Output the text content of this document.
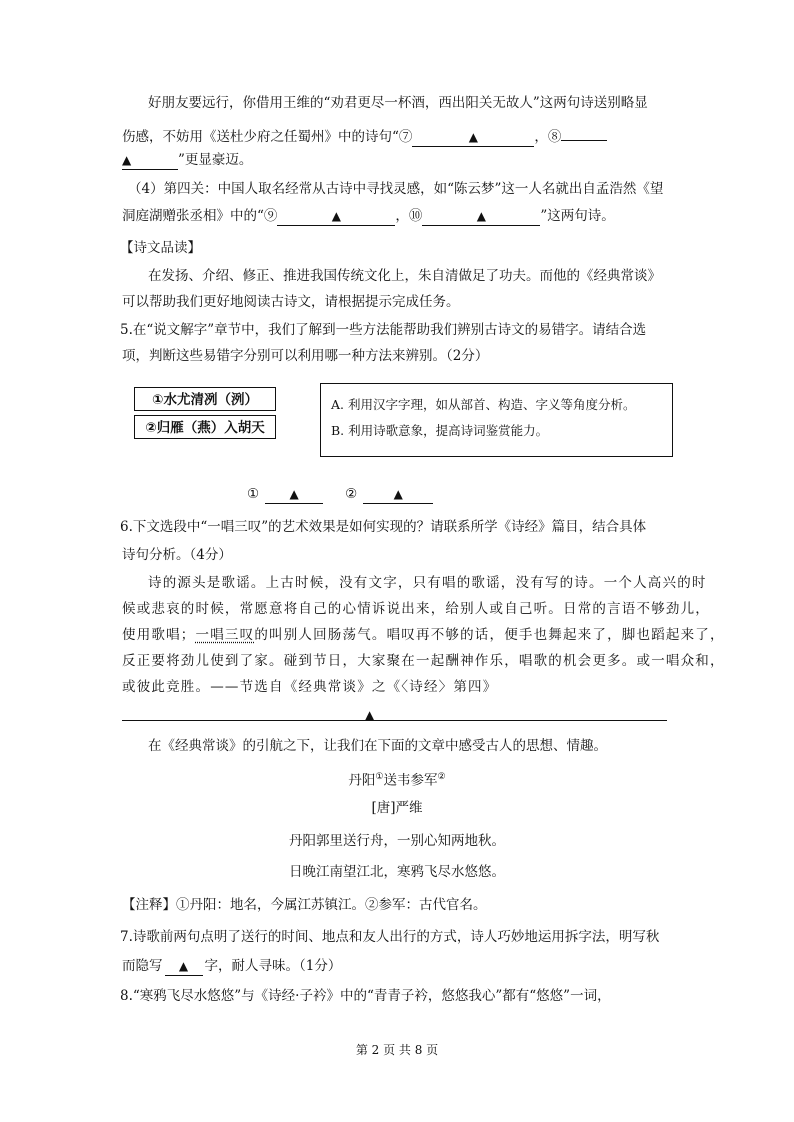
好朋友要远行，你借用王维的“劝君更尽一杯酒，西出阳关无故人”这两句诗送别略显
伤感，不妨用《送杜少府之任蜀州》中的诗句“⑦	▲	，⑧
▲	”更显豪迈。
（4）第四关：中国人取名经常从古诗中寻找灵感，如“陈云梦”这一人名就出自孟浩然《望
洞庭湖赠张丞相》中的“⑨	▲	，⑩	▲	”这两句诗。
【诗文品读】
在发扬、介绍、修正、推进我国传统文化上，朱自清做足了功夫。而他的《经典常谈》
可以帮助我们更好地阅读古诗文，请根据提示完成任务。
5.在“说文解字”章节中，我们了解到一些方法能帮助我们辨别古诗文的易错字。请结合选
项，判断这些易错字分别可以利用哪一种方法来辨别。（2分）
①水尤清冽（洌）
②归雁（燕）入胡天
A. 利用汉字字理，如从部首、构造、字义等角度分析。
B. 利用诗歌意象，提高诗词鉴赏能力。
①	▲	②	▲
6.下文选段中“一唱三叹”的艺术效果是如何实现的？请联系所学《诗经》篇目，结合具体
诗句分析。（4分）
诗的源头是歌谣。上古时候，没有文字，只有唱的歌谣，没有写的诗。一个人高兴的时
候或悲哀的时候，常愿意将自己的心情诉说出来，给别人或自己听。日常的言语不够劲儿，
使用歌唱；一唱三叹的叫别人回肠荡气。唱叹再不够的话，便手也舞起来了，脚也蹈起来了，
反正要将劲儿使到了家。碰到节日，大家聚在一起酬神作乐，唱歌的机会更多。或一唱众和，
或彼此竞胜。——节选自《经典常谈》之《〈诗经〉第四》
▲
在《经典常谈》的引航之下，让我们在下面的文章中感受古人的思想、情趣。
丹阳①送韦参军②
[唐]严维
丹阳郭里送行舟，一别心知两地秋。
日晚江南望江北，寒鸦飞尽水悠悠。
【注释】①丹阳：地名，今属江苏镇江。②参军：古代官名。
7.诗歌前两句点明了送行的时间、地点和友人出行的方式，诗人巧妙地运用拆字法，明写秋
而隐写 ▲ 字，耐人寻味。（1分）
8.“寒鸦飞尽水悠悠”与《诗经·子衿》中的“青青子衿，悠悠我心”都有“悠悠”一词，
第 2 页 共 8 页
